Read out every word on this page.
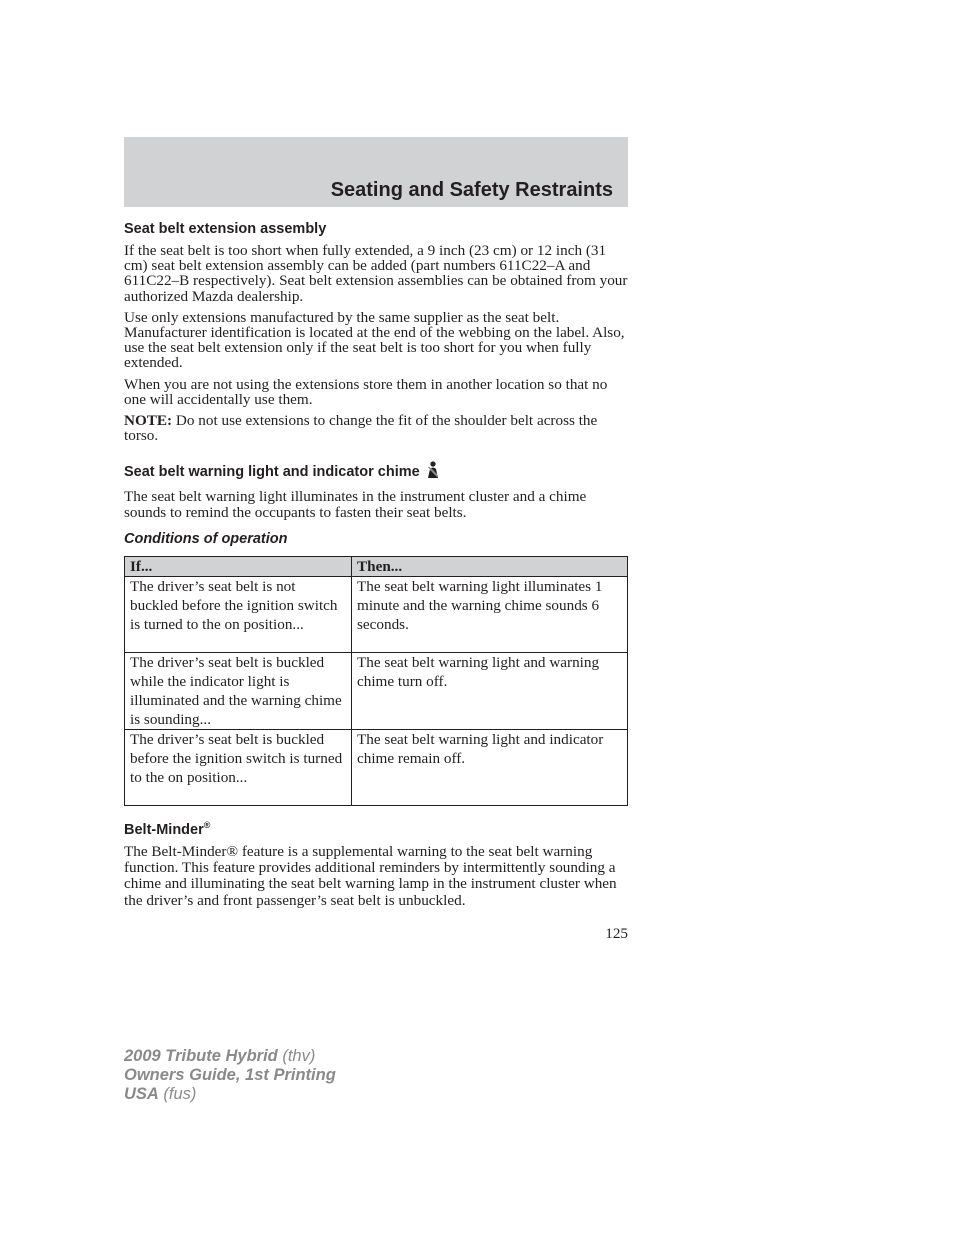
Seating and Safety Restraints
Seat belt extension assembly

If the seat belt is too short when fully extended, a 9 inch (23 cm) or 12 inch (31 cm) seat belt extension assembly can be added (part numbers 611C22–A and 611C22–B respectively). Seat belt extension assemblies can be obtained from your authorized Mazda dealership.

Use only extensions manufactured by the same supplier as the seat belt. Manufacturer identification is located at the end of the webbing on the label. Also, use the seat belt extension only if the seat belt is too short for you when fully extended.

When you are not using the extensions store them in another location so that no one will accidentally use them.

NOTE: Do not use extensions to change the fit of the shoulder belt across the torso.

Seat belt warning light and indicator chime

The seat belt warning light illuminates in the instrument cluster and a chime sounds to remind the occupants to fasten their seat belts.

Conditions of operation
If...	Then...
The driver’s seat belt is not buckled before the ignition switch is turned to the on position...	The seat belt warning light illuminates 1 minute and the warning chime sounds 6 seconds.
The driver’s seat belt is buckled while the indicator light is illuminated and the warning chime is sounding...	The seat belt warning light and warning chime turn off.
The driver’s seat belt is buckled before the ignition switch is turned to the on position...	The seat belt warning light and indicator chime remain off.
Belt-Minder®

The Belt-Minder® feature is a supplemental warning to the seat belt warning function. This feature provides additional reminders by intermittently sounding a chime and illuminating the seat belt warning lamp in the instrument cluster when the driver’s and front passenger’s seat belt is unbuckled.

125
2009 Tribute Hybrid (thv)
Owners Guide, 1st Printing
USA (fus)
